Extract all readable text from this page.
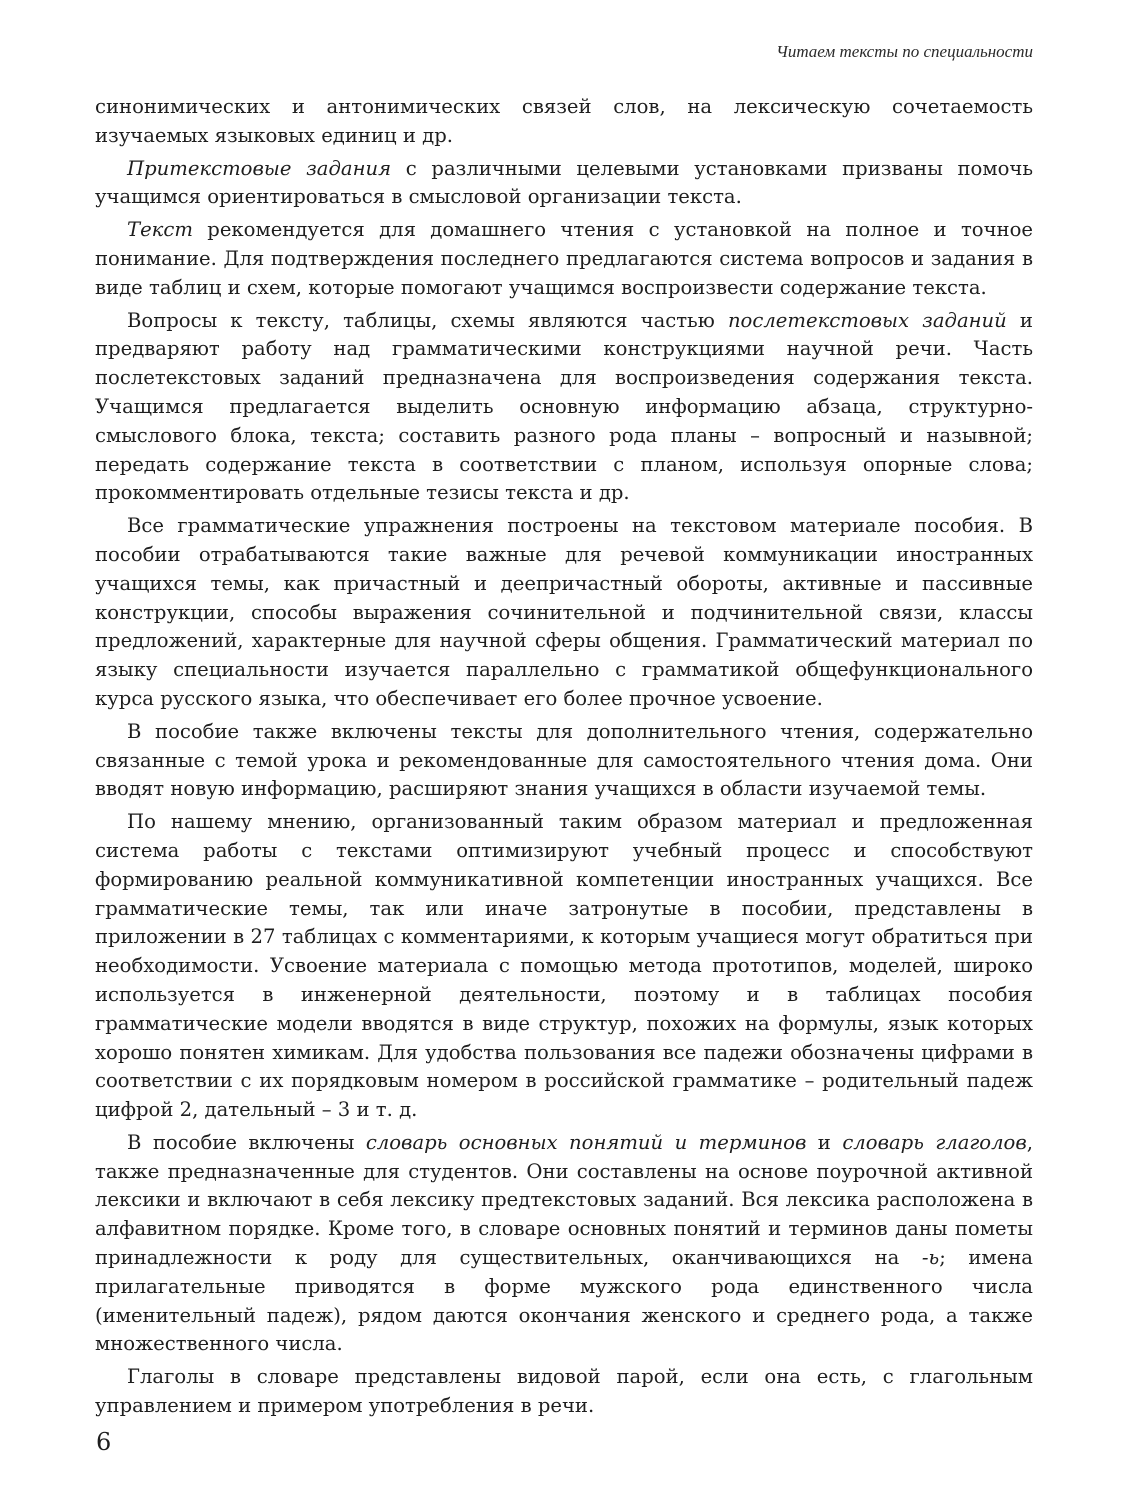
Читаем тексты по специальности

синонимических и антонимических связей слов, на лексическую сочетаемость изучаемых языковых единиц и др.

Притекстовые задания с различными целевыми установками призваны помочь учащимся ориентироваться в смысловой организации текста.

Текст рекомендуется для домашнего чтения с установкой на полное и точное понимание. Для подтверждения последнего предлагаются система вопросов и задания в виде таблиц и схем, которые помогают учащимся воспроизвести содержание текста.

Вопросы к тексту, таблицы, схемы являются частью послетекстовых заданий и предваряют работу над грамматическими конструкциями научной речи. Часть послетекстовых заданий предназначена для воспроизведения содержания текста. Учащимся предлагается выделить основную информацию абзаца, структурно-смыслового блока, текста; составить разного рода планы – вопросный и назывной; передать содержание текста в соответствии с планом, используя опорные слова; прокомментировать отдельные тезисы текста и др.

Все грамматические упражнения построены на текстовом материале пособия. В пособии отрабатываются такие важные для речевой коммуникации иностранных учащихся темы, как причастный и деепричастный обороты, активные и пассивные конструкции, способы выражения сочинительной и подчинительной связи, классы предложений, характерные для научной сферы общения. Грамматический материал по языку специальности изучается параллельно с грамматикой общефункционального курса русского языка, что обеспечивает его более прочное усвоение.

В пособие также включены тексты для дополнительного чтения, содержательно связанные с темой урока и рекомендованные для самостоятельного чтения дома. Они вводят новую информацию, расширяют знания учащихся в области изучаемой темы.

По нашему мнению, организованный таким образом материал и предложенная система работы с текстами оптимизируют учебный процесс и способствуют формированию реальной коммуникативной компетенции иностранных учащихся. Все грамматические темы, так или иначе затронутые в пособии, представлены в приложении в 27 таблицах с комментариями, к которым учащиеся могут обратиться при необходимости. Усвоение материала с помощью метода прототипов, моделей, широко используется в инженерной деятельности, поэтому и в таблицах пособия грамматические модели вводятся в виде структур, похожих на формулы, язык которых хорошо понятен химикам. Для удобства пользования все падежи обозначены цифрами в соответствии с их порядковым номером в российской грамматике – родительный падеж цифрой 2, дательный – 3 и т. д.

В пособие включены словарь основных понятий и терминов и словарь глаголов, также предназначенные для студентов. Они составлены на основе поурочной активной лексики и включают в себя лексику предтекстовых заданий. Вся лексика расположена в алфавитном порядке. Кроме того, в словаре основных понятий и терминов даны пометы принадлежности к роду для существительных, оканчивающихся на -ь; имена прилагательные приводятся в форме мужского рода единственного числа (именительный падеж), рядом даются окончания женского и среднего рода, а также множественного числа.

Глаголы в словаре представлены видовой парой, если она есть, с глагольным управлением и примером употребления в речи.

6
